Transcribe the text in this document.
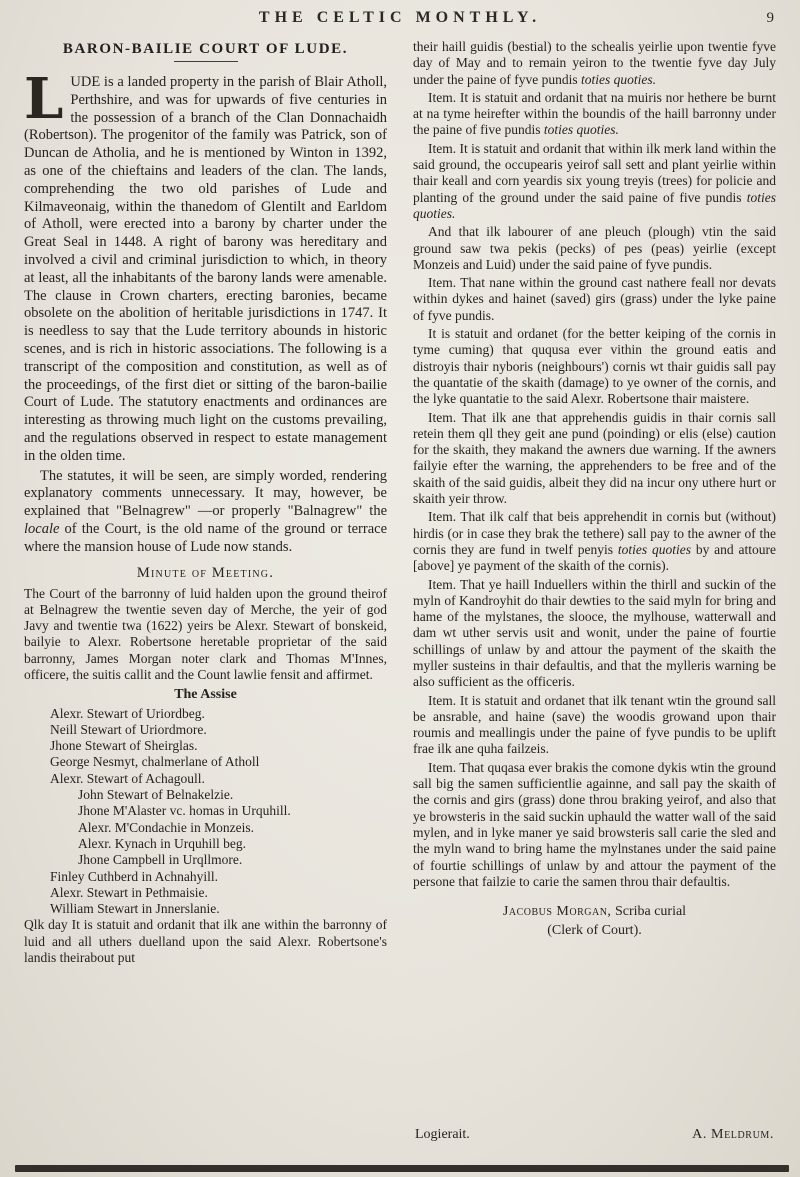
THE CELTIC MONTHLY.	9
BARON-BAILIE COURT OF LUDE.

LUDE is a landed property in the parish of Blair Atholl, Perthshire, and was for upwards of five centuries in the possession of a branch of the Clan Donnachaidh (Robertson). The progenitor of the family was Patrick, son of Duncan de Atholia, and he is mentioned by Winton in 1392, as one of the chieftains and leaders of the clan. The lands, comprehending the two old parishes of Lude and Kilmaveonaig, within the thanedom of Glentilt and Earldom of Atholl, were erected into a barony by charter under the Great Seal in 1448. A right of barony was hereditary and involved a civil and criminal jurisdiction to which, in theory at least, all the inhabitants of the barony lands were amenable. The clause in Crown charters, erecting baronies, became obsolete on the abolition of heritable jurisdictions in 1747. It is needless to say that the Lude territory abounds in historic scenes, and is rich in historic associations. The following is a transcript of the composition and constitution, as well as of the proceedings, of the first diet or sitting of the baron-bailie Court of Lude. The statutory enactments and ordinances are interesting as throwing much light on the customs prevailing, and the regulations observed in respect to estate management in the olden time.

The statutes, it will be seen, are simply worded, rendering explanatory comments unnecessary. It may, however, be explained that "Belnagrew" —or properly "Balnagrew" the locale of the Court, is the old name of the ground or terrace where the mansion house of Lude now stands.

Minute of Meeting.

The Court of the barronny of luid halden upon the ground theirof at Belnagrew the twentie seven day of Merche, the yeir of god Javy and twentie twa (1622) yeirs be Alexr. Stewart of bonskeid, bailyie to Alexr. Robertsone heretable proprietar of the said barronny, James Morgan noter clark and Thomas M'Innes, officere, the suitis callit and the Count lawlie fensit and affirmet.

The Assise
Alexr. Stewart of Uriordbeg.
Neill Stewart of Uriordmore.
Jhone Stewart of Sheirglas.
George Nesmyt, chalmerlane of Atholl
Alexr. Stewart of Achagoull.
John Stewart of Belnakelzie.
Jhone M'Alaster vc. homas in Urquhill.
Alexr. M'Condachie in Monzeis.
Alexr. Kynach in Urquhill beg.
Jhone Campbell in Urqllmore.
Finley Cuthberd in Achnahyill.
Alexr. Stewart in Pethmaisie.
William Stewart in Jnnerslanie.

Qlk day It is statuit and ordanit that ilk ane within the barronny of luid and all uthers duelland upon the said Alexr. Robertsone's landis theirabout put

their haill guidis (bestial) to the schealis yeirlie upon twentie fyve day of May and to remain yeiron to the twentie fyve day July under the paine of fyve pundis toties quoties.

Item. It is statuit and ordanit that na muiris nor hethere be burnt at na tyme heirefter within the boundis of the haill barronny under the paine of five pundis toties quoties.

Item. It is statuit and ordanit that within ilk merk land within the said ground, the occupearis yeirof sall sett and plant yeirlie within thair keall and corn yeardis six young treyis (trees) for policie and planting of the ground under the said paine of five pundis toties quoties.

And that ilk labourer of ane pleuch (plough) vtin the said ground saw twa pekis (pecks) of pes (peas) yeirlie (except Monzeis and Luid) under the said paine of fyve pundis.

Item. That nane within the ground cast nathere feall nor devats within dykes and hainet (saved) girs (grass) under the lyke paine of fyve pundis.

It is statuit and ordanet (for the better keiping of the cornis in tyme cuming) that ququsa ever vithin the ground eatis and distroyis thair nyboris (neighbours') cornis wt thair guidis sall pay the quantatie of the skaith (damage) to ye owner of the cornis, and the lyke quantatie to the said Alexr. Robertsone thair maistere.

Item. That ilk ane that apprehendis guidis in thair cornis sall retein them qll they geit ane pund (poinding) or elis (else) caution for the skaith, they makand the awners due warning. If the awners failyie efter the warning, the apprehenders to be free and of the skaith of the said guidis, albeit they did na incur ony uthere hurt or skaith yeir throw.

Item. That ilk calf that beis apprehendit in cornis but (without) hirdis (or in case they brak the tethere) sall pay to the awner of the cornis they are fund in twelf penyis toties quoties by and attoure [above] ye payment of the skaith of the cornis).

Item. That ye haill Induellers within the thirll and suckin of the myln of Kandroyhit do thair dewties to the said myln for bring and hame of the mylstanes, the slooce, the mylhouse, watterwall and dam wt uther servis usit and wonit, under the paine of fourtie schillings of unlaw by and attour the payment of the skaith the myller susteins in thair defaultis, and that the mylleris warning be also sufficient as the officeris.

Item. It is statuit and ordanet that ilk tenant wtin the ground sall be ansrable, and haine (save) the woodis growand upon thair roumis and meallingis under the paine of fyve pundis to be uplift frae ilk ane quha failzeis.

Item. That quqasa ever brakis the comone dykis wtin the ground sall big the samen sufficientlie againne, and sall pay the skaith of the cornis and girs (grass) done throu braking yeirof, and also that ye browsteris in the said suckin uphauld the watter wall of the said mylen, and in lyke maner ye said browsteris sall carie the sled and the myln wand to bring hame the mylnstanes under the said paine of fourtie schillings of unlaw by and attour the payment of the persone that failzie to carie the samen throu thair defaultis.

Jacobus Morgan, Scriba curial
(Clerk of Court).
Logierait.	A. Meldrum.
